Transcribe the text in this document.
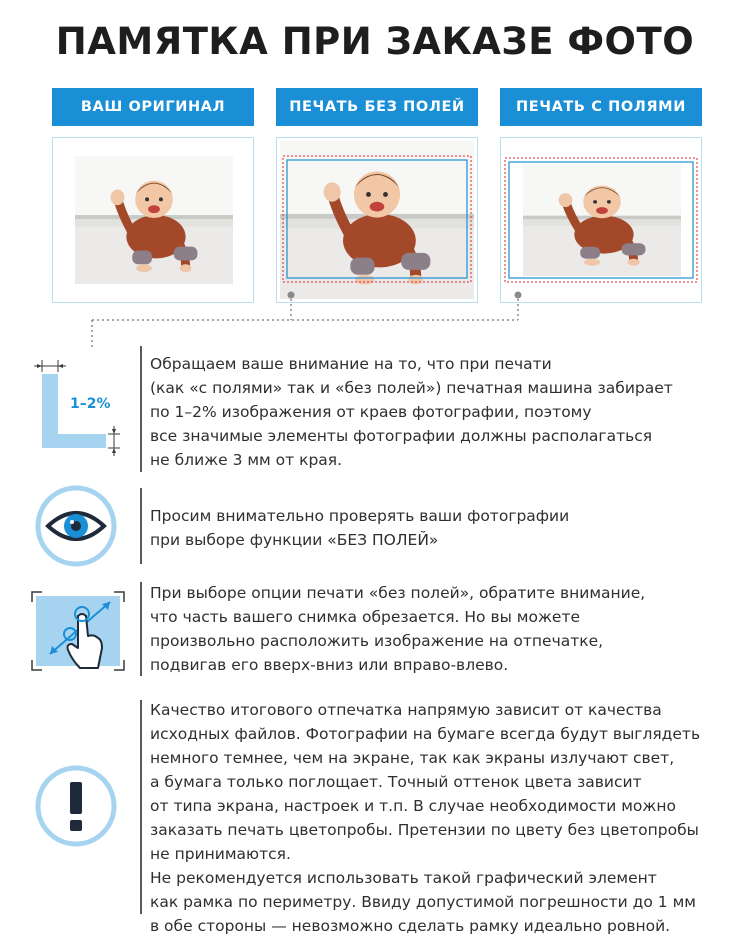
ПАМЯТКА ПРИ ЗАКАЗЕ ФОТО
ВАШ ОРИГИНАЛ	ПЕЧАТЬ БЕЗ ПОЛЕЙ	ПЕЧАТЬ С ПОЛЯМИ
1–2%
Обращаем ваше внимание на то, что при печати
(как «с полями» так и «без полей») печатная машина забирает
по 1–2% изображения от краев фотографии, поэтому
все значимые элементы фотографии должны располагаться
не ближе 3 мм от края.
Просим внимательно проверять ваши фотографии
при выборе функции «БЕЗ ПОЛЕЙ»
При выборе опции печати «без полей», обратите внимание,
что часть вашего снимка обрезается. Но вы можете
произвольно расположить изображение на отпечатке,
подвигав его вверх-вниз или вправо-влево.
Качество итогового отпечатка напрямую зависит от качества
исходных файлов. Фотографии на бумаге всегда будут выглядеть
немного темнее, чем на экране, так как экраны излучают свет,
а бумага только поглощает. Точный оттенок цвета зависит
от типа экрана, настроек и т.п. В случае необходимости можно
заказать печать цветопробы. Претензии по цвету без цветопробы
не принимаются.
Не рекомендуется использовать такой графический элемент
как рамка по периметру. Ввиду допустимой погрешности до 1 мм
в обе стороны — невозможно сделать рамку идеально ровной.
